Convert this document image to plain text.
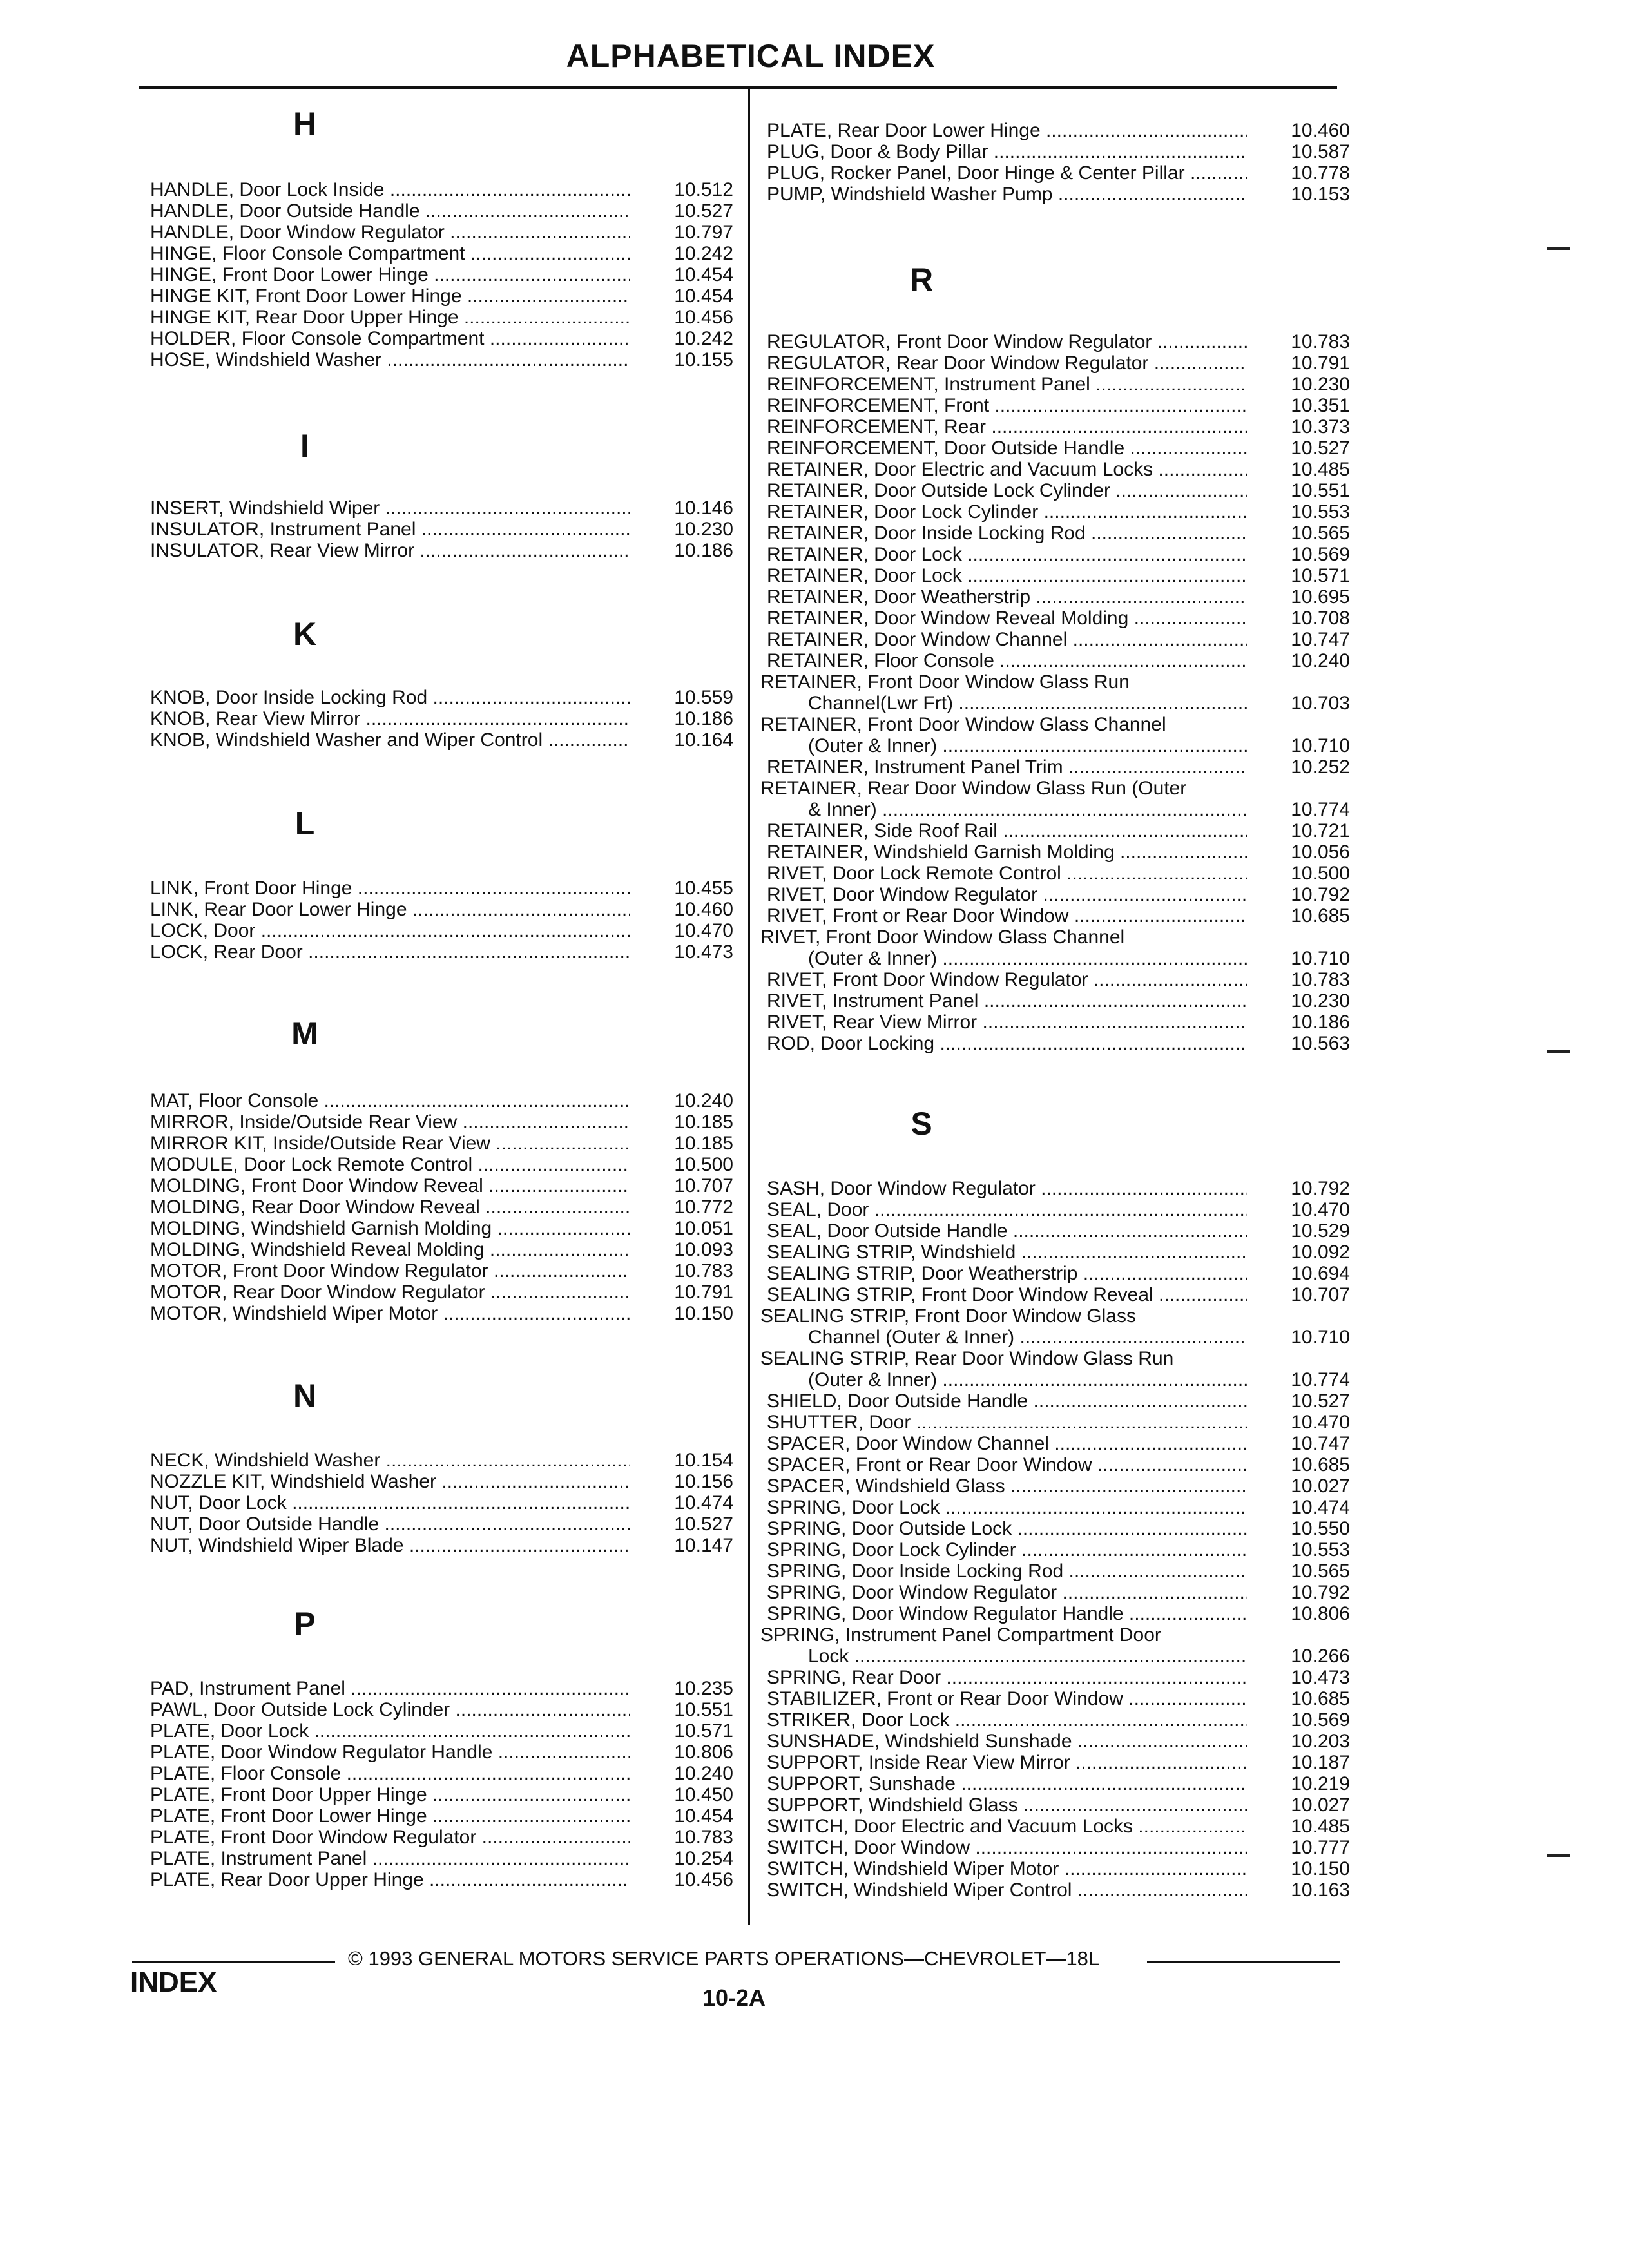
ALPHABETICAL INDEX
H
HANDLE, Door Lock Inside .....	10.512
HANDLE, Door Outside Handle .....	10.527
HANDLE, Door Window Regulator .....	10.797
HINGE, Floor Console Compartment .....	10.242
HINGE, Front Door Lower Hinge .....	10.454
HINGE KIT, Front Door Lower Hinge .....	10.454
HINGE KIT, Rear Door Upper Hinge .....	10.456
HOLDER, Floor Console Compartment .....	10.242
HOSE, Windshield Washer .....	10.155
I
INSERT, Windshield Wiper .....	10.146
INSULATOR, Instrument Panel .....	10.230
INSULATOR, Rear View Mirror .....	10.186
K
KNOB, Door Inside Locking Rod .....	10.559
KNOB, Rear View Mirror .....	10.186
KNOB, Windshield Washer and Wiper Control .....	10.164
L
LINK, Front Door Hinge .....	10.455
LINK, Rear Door Lower Hinge .....	10.460
LOCK, Door .....	10.470
LOCK, Rear Door .....	10.473
M
MAT, Floor Console .....	10.240
MIRROR, Inside/Outside Rear View .....	10.185
MIRROR KIT, Inside/Outside Rear View .....	10.185
MODULE, Door Lock Remote Control .....	10.500
MOLDING, Front Door Window Reveal .....	10.707
MOLDING, Rear Door Window Reveal .....	10.772
MOLDING, Windshield Garnish Molding .....	10.051
MOLDING, Windshield Reveal Molding .....	10.093
MOTOR, Front Door Window Regulator .....	10.783
MOTOR, Rear Door Window Regulator .....	10.791
MOTOR, Windshield Wiper Motor .....	10.150
N
NECK, Windshield Washer .....	10.154
NOZZLE KIT, Windshield Washer .....	10.156
NUT, Door Lock .....	10.474
NUT, Door Outside Handle .....	10.527
NUT, Windshield Wiper Blade .....	10.147
P
PAD, Instrument Panel .....	10.235
PAWL, Door Outside Lock Cylinder .....	10.551
PLATE, Door Lock .....	10.571
PLATE, Door Window Regulator Handle .....	10.806
PLATE, Floor Console .....	10.240
PLATE, Front Door Upper Hinge .....	10.450
PLATE, Front Door Lower Hinge .....	10.454
PLATE, Front Door Window Regulator .....	10.783
PLATE, Instrument Panel .....	10.254
PLATE, Rear Door Upper Hinge .....	10.456
PLATE, Rear Door Lower Hinge .....	10.460
PLUG, Door & Body Pillar .....	10.587
PLUG, Rocker Panel, Door Hinge & Center Pillar .....	10.778
PUMP, Windshield Washer Pump .....	10.153
R
REGULATOR, Front Door Window Regulator .....	10.783
REGULATOR, Rear Door Window Regulator .....	10.791
REINFORCEMENT, Instrument Panel .....	10.230
REINFORCEMENT, Front .....	10.351
REINFORCEMENT, Rear .....	10.373
REINFORCEMENT, Door Outside Handle .....	10.527
RETAINER, Door Electric and Vacuum Locks .....	10.485
RETAINER, Door Outside Lock Cylinder .....	10.551
RETAINER, Door Lock Cylinder .....	10.553
RETAINER, Door Inside Locking Rod .....	10.565
RETAINER, Door Lock .....	10.569
RETAINER, Door Lock .....	10.571
RETAINER, Door Weatherstrip .....	10.695
RETAINER, Door Window Reveal Molding .....	10.708
RETAINER, Door Window Channel .....	10.747
RETAINER, Floor Console .....	10.240
RETAINER, Front Door Window Glass Run
Channel(Lwr Frt) .....	10.703
RETAINER, Front Door Window Glass Channel
(Outer & Inner) .....	10.710
RETAINER, Instrument Panel Trim .....	10.252
RETAINER, Rear Door Window Glass Run (Outer
& Inner) .....	10.774
RETAINER, Side Roof Rail .....	10.721
RETAINER, Windshield Garnish Molding .....	10.056
RIVET, Door Lock Remote Control .....	10.500
RIVET, Door Window Regulator .....	10.792
RIVET, Front or Rear Door Window .....	10.685
RIVET, Front Door Window Glass Channel
(Outer & Inner) .....	10.710
RIVET, Front Door Window Regulator .....	10.783
RIVET, Instrument Panel .....	10.230
RIVET, Rear View Mirror .....	10.186
ROD, Door Locking .....	10.563
S
SASH, Door Window Regulator .....	10.792
SEAL, Door .....	10.470
SEAL, Door Outside Handle .....	10.529
SEALING STRIP, Windshield .....	10.092
SEALING STRIP, Door Weatherstrip .....	10.694
SEALING STRIP, Front Door Window Reveal .....	10.707
SEALING STRIP, Front Door Window Glass
Channel (Outer & Inner) .....	10.710
SEALING STRIP, Rear Door Window Glass Run
(Outer & Inner) .....	10.774
SHIELD, Door Outside Handle .....	10.527
SHUTTER, Door .....	10.470
SPACER, Door Window Channel .....	10.747
SPACER, Front or Rear Door Window .....	10.685
SPACER, Windshield Glass .....	10.027
SPRING, Door Lock .....	10.474
SPRING, Door Outside Lock .....	10.550
SPRING, Door Lock Cylinder .....	10.553
SPRING, Door Inside Locking Rod .....	10.565
SPRING, Door Window Regulator .....	10.792
SPRING, Door Window Regulator Handle .....	10.806
SPRING, Instrument Panel Compartment Door
Lock .....	10.266
SPRING, Rear Door .....	10.473
STABILIZER, Front or Rear Door Window .....	10.685
STRIKER, Door Lock .....	10.569
SUNSHADE, Windshield Sunshade .....	10.203
SUPPORT, Inside Rear View Mirror .....	10.187
SUPPORT, Sunshade .....	10.219
SUPPORT, Windshield Glass .....	10.027
SWITCH, Door Electric and Vacuum Locks .....	10.485
SWITCH, Door Window .....	10.777
SWITCH, Windshield Wiper Motor .....	10.150
SWITCH, Windshield Wiper Control .....	10.163
© 1993 GENERAL MOTORS SERVICE PARTS OPERATIONS—CHEVROLET—18L
INDEX	10-2A
